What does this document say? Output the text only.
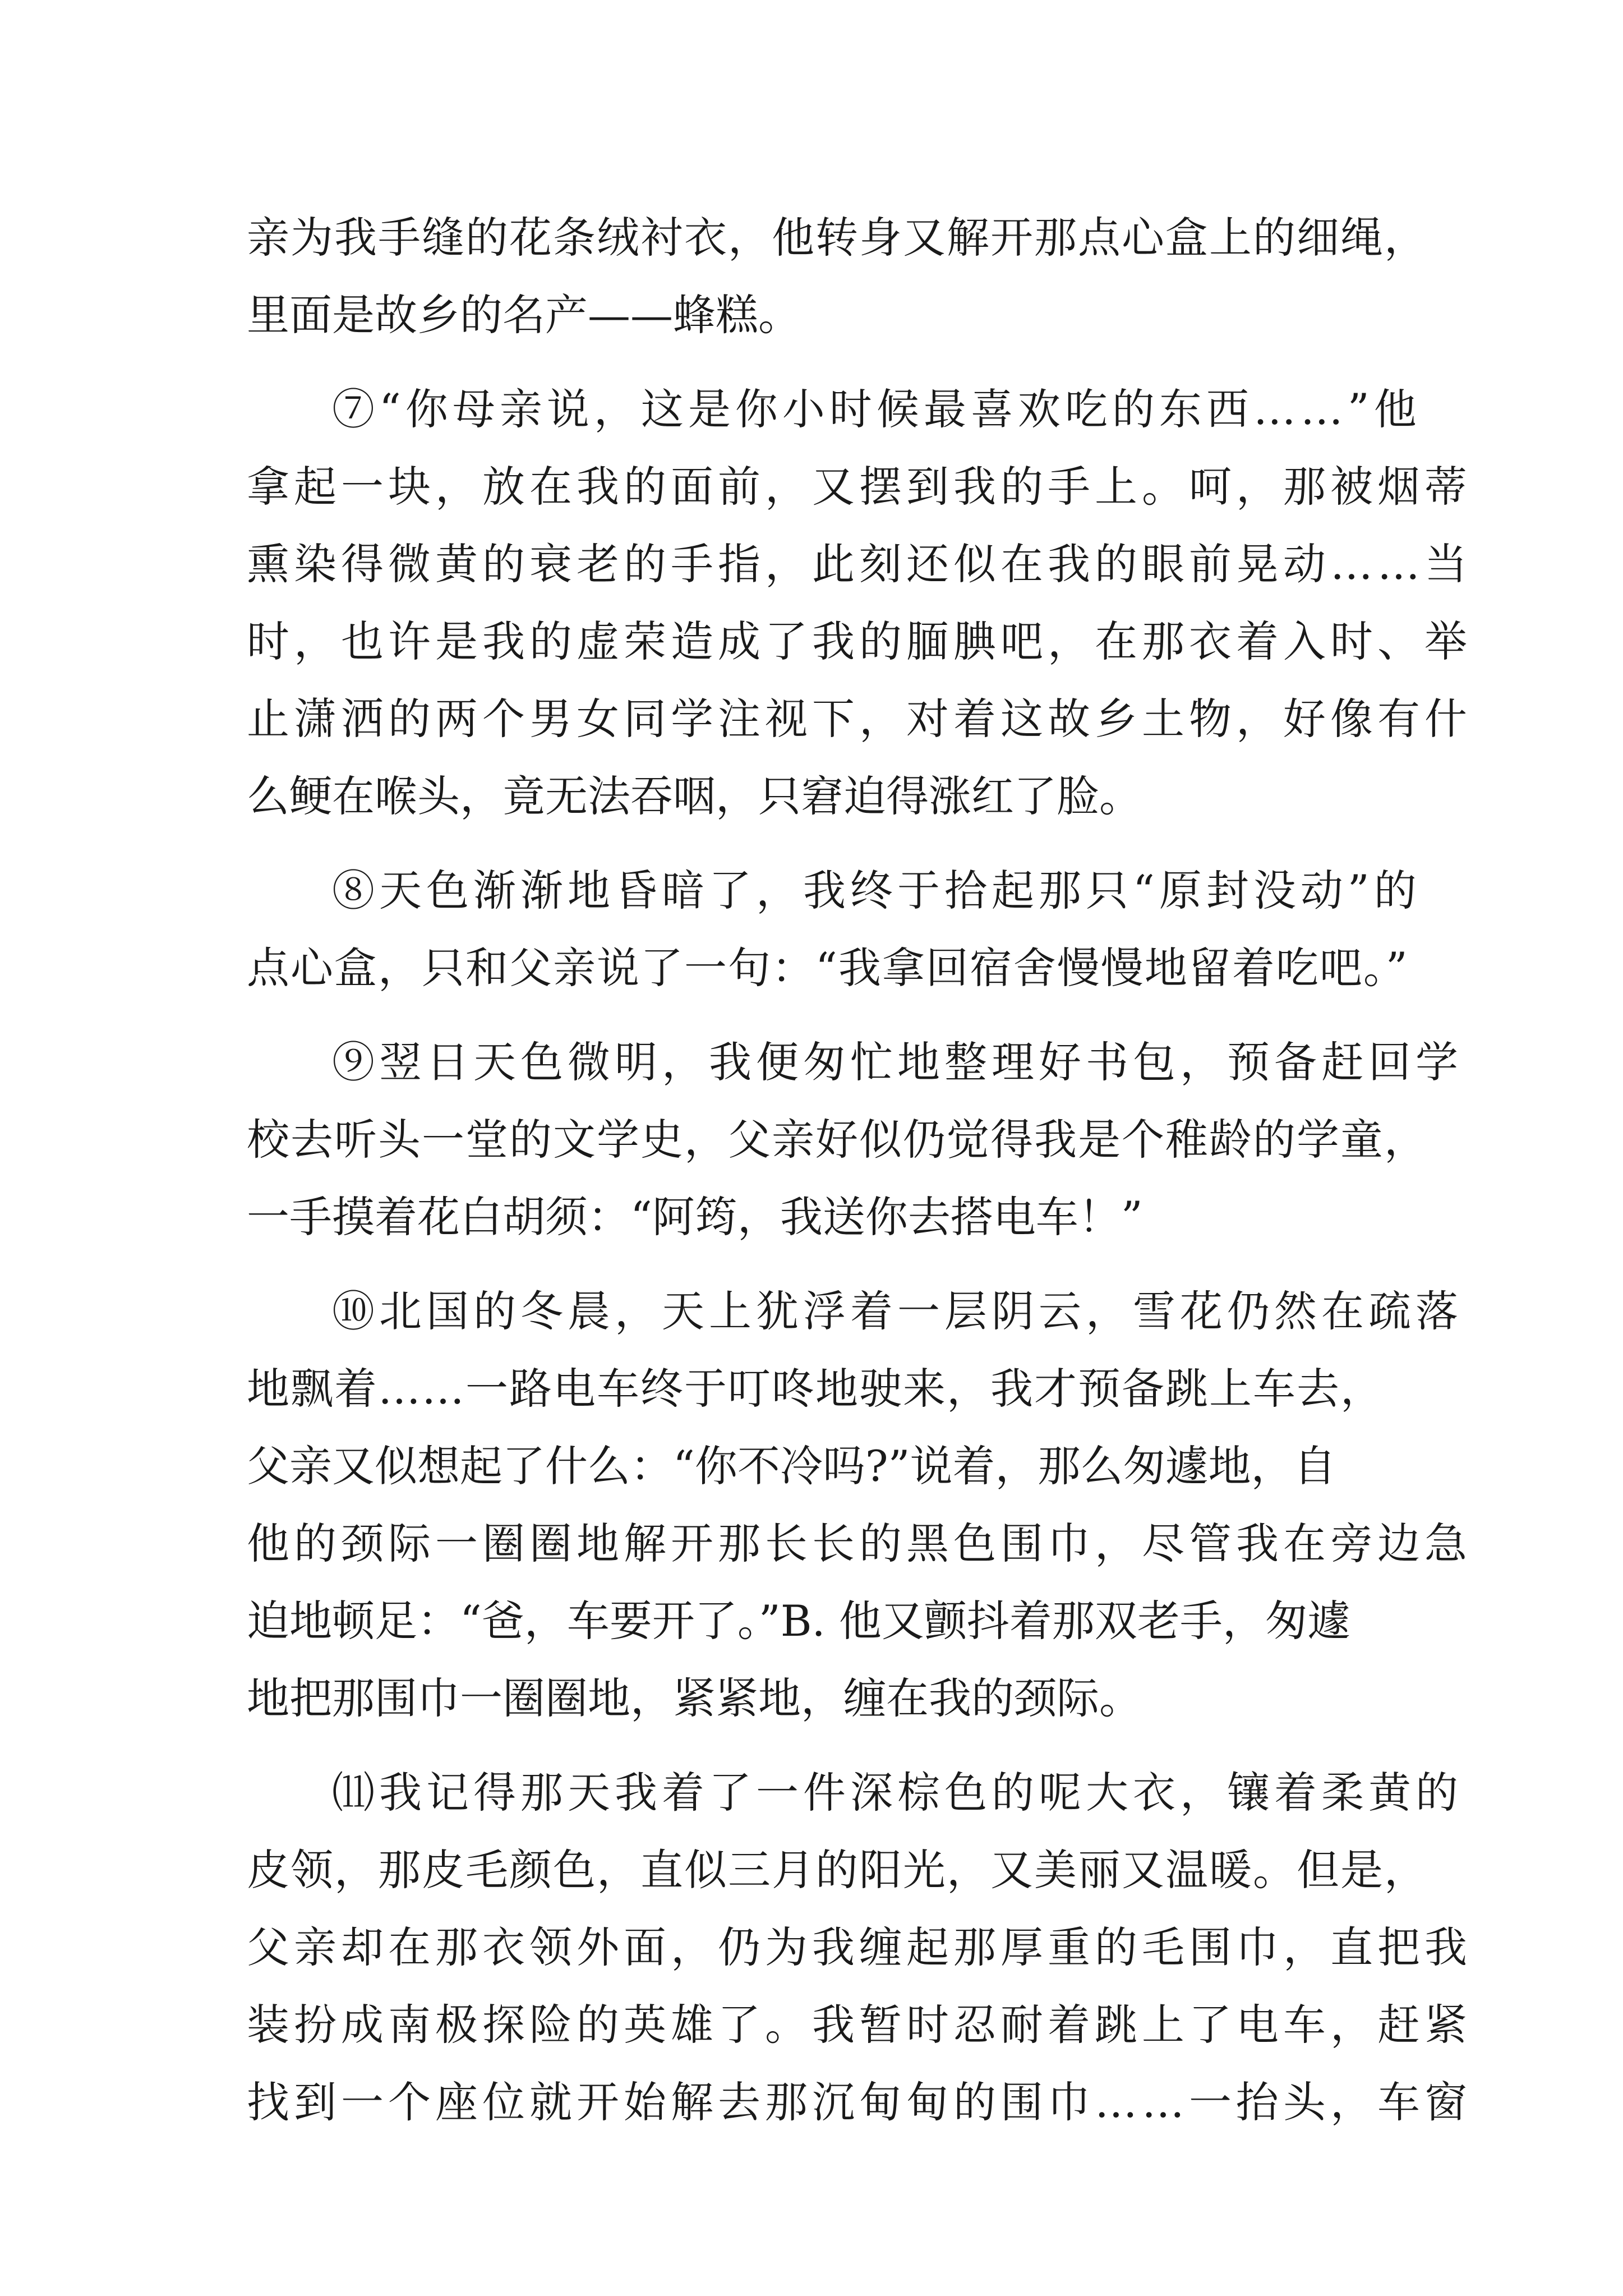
亲为我手缝的花条绒衬衣，他转身又解开那点心盒上的细绳，
里面是故乡的名产——蜂糕。
⑦“你母亲说，这是你小时候最喜欢吃的东西……”他
拿起一块，放在我的面前，又摆到我的手上。呵，那被烟蒂
熏染得微黄的衰老的手指，此刻还似在我的眼前晃动……当
时，也许是我的虚荣造成了我的腼腆吧，在那衣着入时、举
止潇洒的两个男女同学注视下，对着这故乡土物，好像有什
么鲠在喉头，竟无法吞咽，只窘迫得涨红了脸。
⑧天色渐渐地昏暗了，我终于拾起那只“原封没动”的
点心盒，只和父亲说了一句：“我拿回宿舍慢慢地留着吃吧。”
⑨翌日天色微明，我便匆忙地整理好书包，预备赶回学
校去听头一堂的文学史，父亲好似仍觉得我是个稚龄的学童，
一手摸着花白胡须：“阿筠，我送你去搭电车！”
⑩北国的冬晨，天上犹浮着一层阴云，雪花仍然在疏落
地飘着……一路电车终于叮咚地驶来，我才预备跳上车去，
父亲又似想起了什么：“你不冷吗?”说着，那么匆遽地，自
他的颈际一圈圈地解开那长长的黑色围巾，尽管我在旁边急
迫地顿足：“爸，车要开了。”B. 他又颤抖着那双老手，匆遽
地把那围巾一圈圈地，紧紧地，缠在我的颈际。
⑾我记得那天我着了一件深棕色的呢大衣，镶着柔黄的
皮领，那皮毛颜色，直似三月的阳光，又美丽又温暖。但是，
父亲却在那衣领外面，仍为我缠起那厚重的毛围巾，直把我
装扮成南极探险的英雄了。我暂时忍耐着跳上了电车，赶紧
找到一个座位就开始解去那沉甸甸的围巾……一抬头，车窗
